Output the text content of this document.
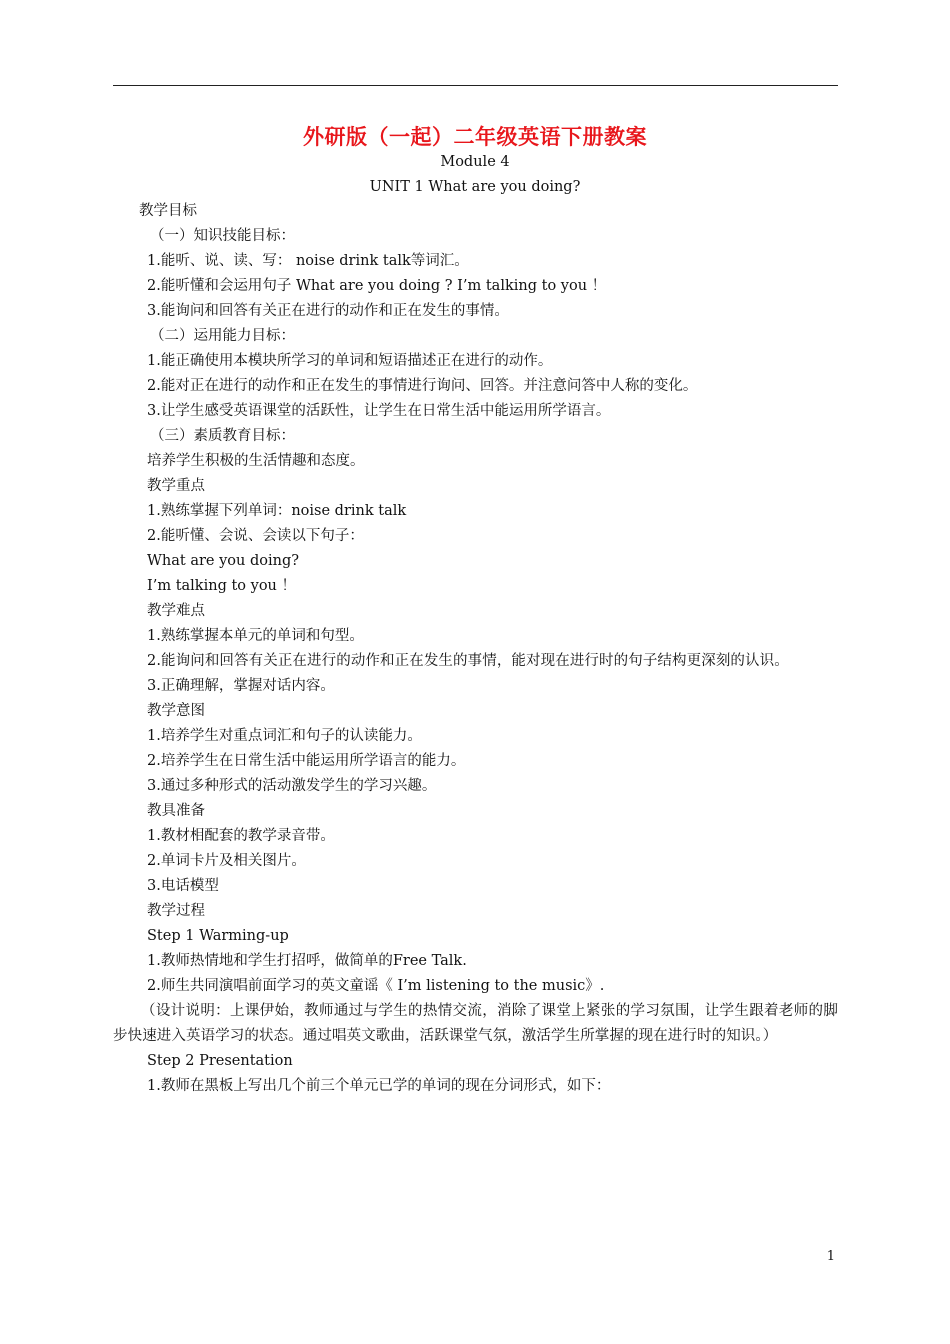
外研版（一起）二年级英语下册教案
Module 4
UNIT 1 What are you doing?

教学目标

（一）知识技能目标：

1.能听、说、读、写： noise drink talk等词汇。

2.能听懂和会运用句子 What are you doing ? I’m talking to you ！

3.能询问和回答有关正在进行的动作和正在发生的事情。

（二）运用能力目标：

1.能正确使用本模块所学习的单词和短语描述正在进行的动作。

2.能对正在进行的动作和正在发生的事情进行询问、回答。并注意问答中人称的变化。

3.让学生感受英语课堂的活跃性，让学生在日常生活中能运用所学语言。

（三）素质教育目标：

培养学生积极的生活情趣和态度。

教学重点

1.熟练掌握下列单词：noise drink talk

2.能听懂、会说、会读以下句子：

What are you doing?

I’m talking to you ！

教学难点

1.熟练掌握本单元的单词和句型。

2.能询问和回答有关正在进行的动作和正在发生的事情，能对现在进行时的句子结构更深刻的认识。

3.正确理解，掌握对话内容。

教学意图

1.培养学生对重点词汇和句子的认读能力。

2.培养学生在日常生活中能运用所学语言的能力。

3.通过多种形式的活动激发学生的学习兴趣。

教具准备

1.教材相配套的教学录音带。

2.单词卡片及相关图片。

3.电话模型

教学过程

Step 1 Warming-up

1.教师热情地和学生打招呼，做简单的Free Talk.

2.师生共同演唱前面学习的英文童谣《 I’m listening to the music》.

（设计说明：上课伊始，教师通过与学生的热情交流，消除了课堂上紧张的学习氛围，让学生跟着老师的脚步快速进入英语学习的状态。通过唱英文歌曲，活跃课堂气氛，激活学生所掌握的现在进行时的知识。）

Step 2 Presentation

1.教师在黑板上写出几个前三个单元已学的单词的现在分词形式，如下：

1
